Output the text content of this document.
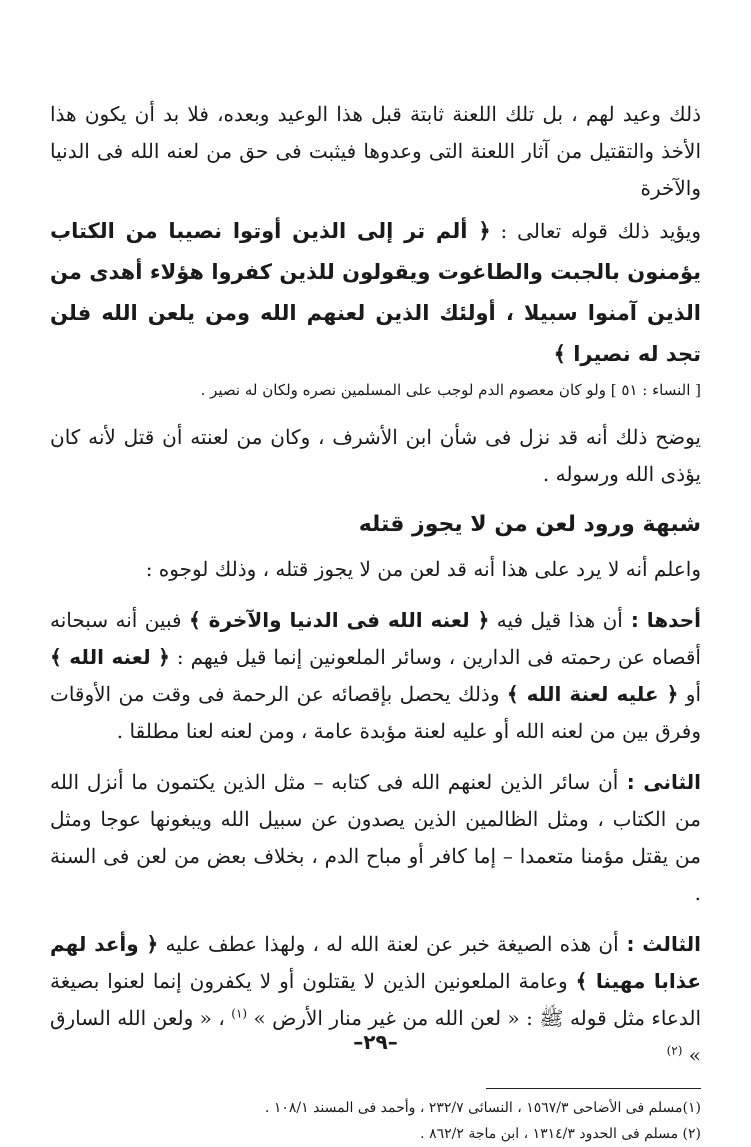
ذلك وعيد لهم ، بل تلك اللعنة ثابتة قبل هذا الوعيد وبعده، فلا بد أن يكون هذا الأخذ والتقتيل من آثار اللعنة التى وعدوها فيثبت فى حق من لعنه الله فى الدنيا والآخرة

ويؤيد ذلك قوله تعالى : ﴿ ألم تر إلى الذين أوتوا نصيبا من الكتاب يؤمنون بالجبت والطاغوت ويقولون للذين كفروا هؤلاء أهدى من الذين آمنوا سبيلا ، أولئك الذين لعنهم الله ومن يلعن الله فلن تجد له نصيرا ﴾

[ النساء : ٥١ ] ولو كان معصوم الدم لوجب على المسلمين نصره ولكان له نصير .

يوضح ذلك أنه قد نزل فى شأن ابن الأشرف ، وكان من لعنته أن قتل لأنه كان يؤذى الله ورسوله .

شبهة ورود لعن من لا يجوز قتله

واعلم أنه لا يرد على هذا أنه قد لعن من لا يجوز قتله ، وذلك لوجوه :

أحدها : أن هذا قيل فيه ﴿ لعنه الله فى الدنيا والآخرة ﴾ فبين أنه سبحانه أقصاه عن رحمته فى الدارين ، وسائر الملعونين إنما قيل فيهم : ﴿ لعنه الله ﴾ أو ﴿ عليه لعنة الله ﴾ وذلك يحصل بإقصائه عن الرحمة فى وقت من الأوقات وفرق بين من لعنه الله أو عليه لعنة مؤبدة عامة ، ومن لعنه لعنا مطلقا .

الثانى : أن سائر الذين لعنهم الله فى كتابه – مثل الذين يكتمون ما أنزل الله من الكتاب ، ومثل الظالمين الذين يصدون عن سبيل الله ويبغونها عوجا ومثل من يقتل مؤمنا متعمدا – إما كافر أو مباح الدم ، بخلاف بعض من لعن فى السنة .

الثالث : أن هذه الصيغة خبر عن لعنة الله له ، ولهذا عطف عليه ﴿ وأعد لهم عذابا مهينا ﴾ وعامة الملعونين الذين لا يقتلون أو لا يكفرون إنما لعنوا بصيغة الدعاء مثل قوله ﷺ : « لعن الله من غير منار الأرض » $^{(١)}$ ، « ولعن الله السارق » $^{(٢)}$

(١)مسلم فى الأضاحى ١٥٦٧/٣ ، النسائى ٢٣٢/٧ ، وأحمد فى المسند ١٠٨/١ .

(٢) مسلم فى الحدود ١٣١٤/٣ ، ابن ماجة ٨٦٢/٢ .

–٢٩–
